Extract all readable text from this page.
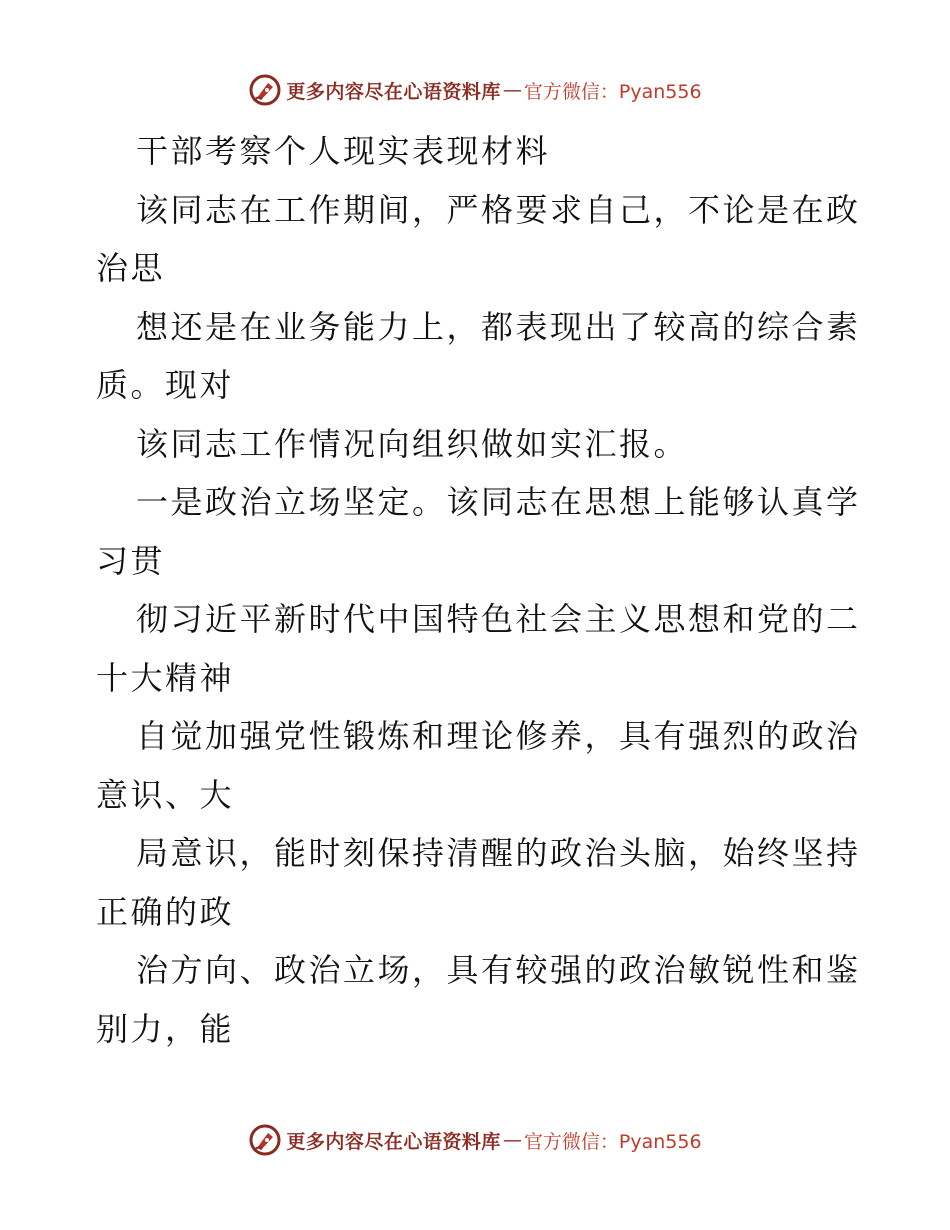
更多内容尽在心语资料库 — 官方微信：Pyan556
干部考察个人现实表现材料
该同志在工作期间，严格要求自己，不论是在政
治思
想还是在业务能力上，都表现出了较高的综合素
质。现对
该同志工作情况向组织做如实汇报。
一是政治立场坚定。该同志在思想上能够认真学
习贯
彻习近平新时代中国特色社会主义思想和党的二
十大精神
自觉加强党性锻炼和理论修养，具有强烈的政治
意识、大
局意识，能时刻保持清醒的政治头脑，始终坚持
正确的政
治方向、政治立场，具有较强的政治敏锐性和鉴
别力，能
更多内容尽在心语资料库 — 官方微信：Pyan556
